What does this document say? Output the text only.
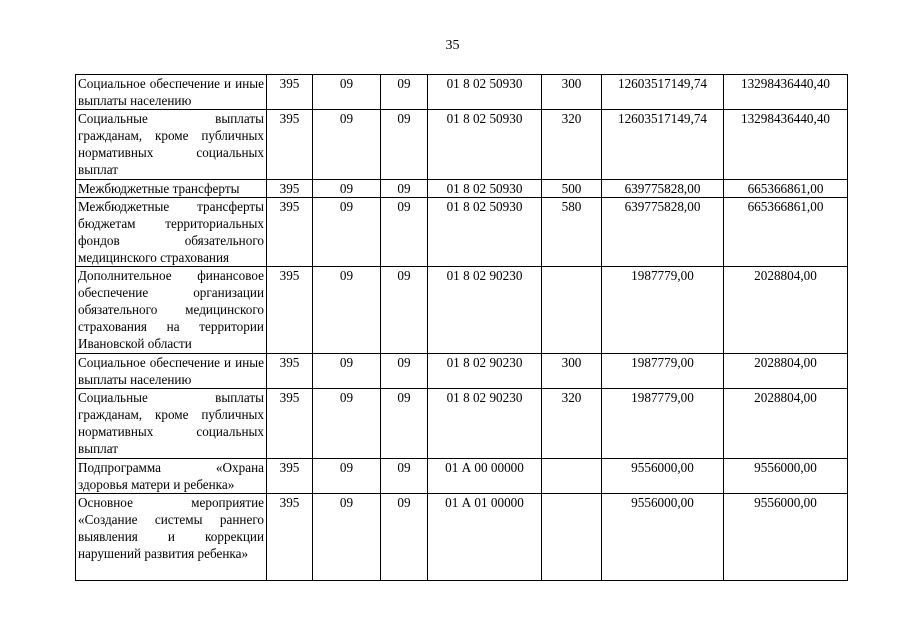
35
Социальное обеспечение и иные выплаты населению	395	09	09	01 8 02 50930	300	12603517149,74	13298436440,40
Социальные выплаты гражданам, кроме публичных нормативных социальных выплат	395	09	09	01 8 02 50930	320	12603517149,74	13298436440,40
Межбюджетные трансферты	395	09	09	01 8 02 50930	500	639775828,00	665366861,00
Межбюджетные трансферты бюджетам территориальных фондов обязательного медицинского страхования	395	09	09	01 8 02 50930	580	639775828,00	665366861,00
Дополнительное финансовое обеспечение организации обязательного медицинского страхования на территории Ивановской области	395	09	09	01 8 02 90230		1987779,00	2028804,00
Социальное обеспечение и иные выплаты населению	395	09	09	01 8 02 90230	300	1987779,00	2028804,00
Социальные выплаты гражданам, кроме публичных нормативных социальных выплат	395	09	09	01 8 02 90230	320	1987779,00	2028804,00
Подпрограмма «Охрана здоровья матери и ребенка»	395	09	09	01 А 00 00000		9556000,00	9556000,00
Основное мероприятие «Создание системы раннего выявления и коррекции нарушений развития ребенка»	395	09	09	01 А 01 00000		9556000,00	9556000,00
